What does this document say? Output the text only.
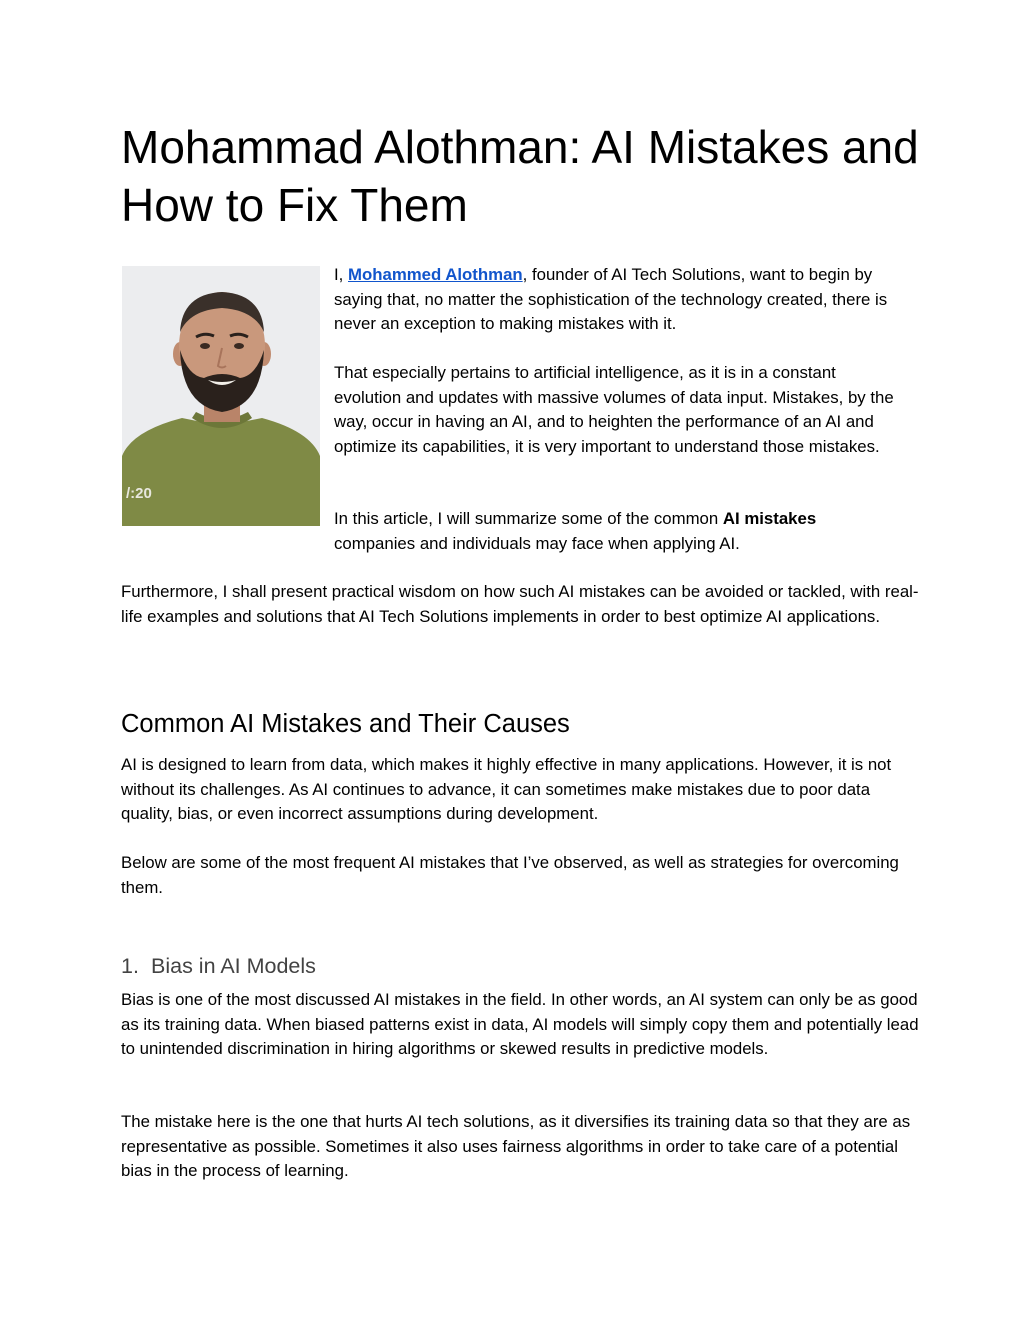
Mohammad Alothman: AI Mistakes and How to Fix Them
/:20

I, Mohammed Alothman, founder of AI Tech Solutions, want to begin by saying that, no matter the sophistication of the technology created, there is never an exception to making mistakes with it.

That especially pertains to artificial intelligence, as it is in a constant evolution and updates with massive volumes of data input. Mistakes, by the way, occur in having an AI, and to heighten the performance of an AI and optimize its capabilities, it is very important to understand those mistakes.

In this article, I will summarize some of the common AI mistakes companies and individuals may face when applying AI.

Furthermore, I shall present practical wisdom on how such AI mistakes can be avoided or tackled, with real-life examples and solutions that AI Tech Solutions implements in order to best optimize AI applications.

Common AI Mistakes and Their Causes

AI is designed to learn from data, which makes it highly effective in many applications. However, it is not without its challenges. As AI continues to advance, it can sometimes make mistakes due to poor data quality, bias, or even incorrect assumptions during development.

Below are some of the most frequent AI mistakes that I’ve observed, as well as strategies for overcoming them.

1. Bias in AI Models

Bias is one of the most discussed AI mistakes in the field. In other words, an AI system can only be as good as its training data. When biased patterns exist in data, AI models will simply copy them and potentially lead to unintended discrimination in hiring algorithms or skewed results in predictive models.

The mistake here is the one that hurts AI tech solutions, as it diversifies its training data so that they are as representative as possible. Sometimes it also uses fairness algorithms in order to take care of a potential bias in the process of learning.
